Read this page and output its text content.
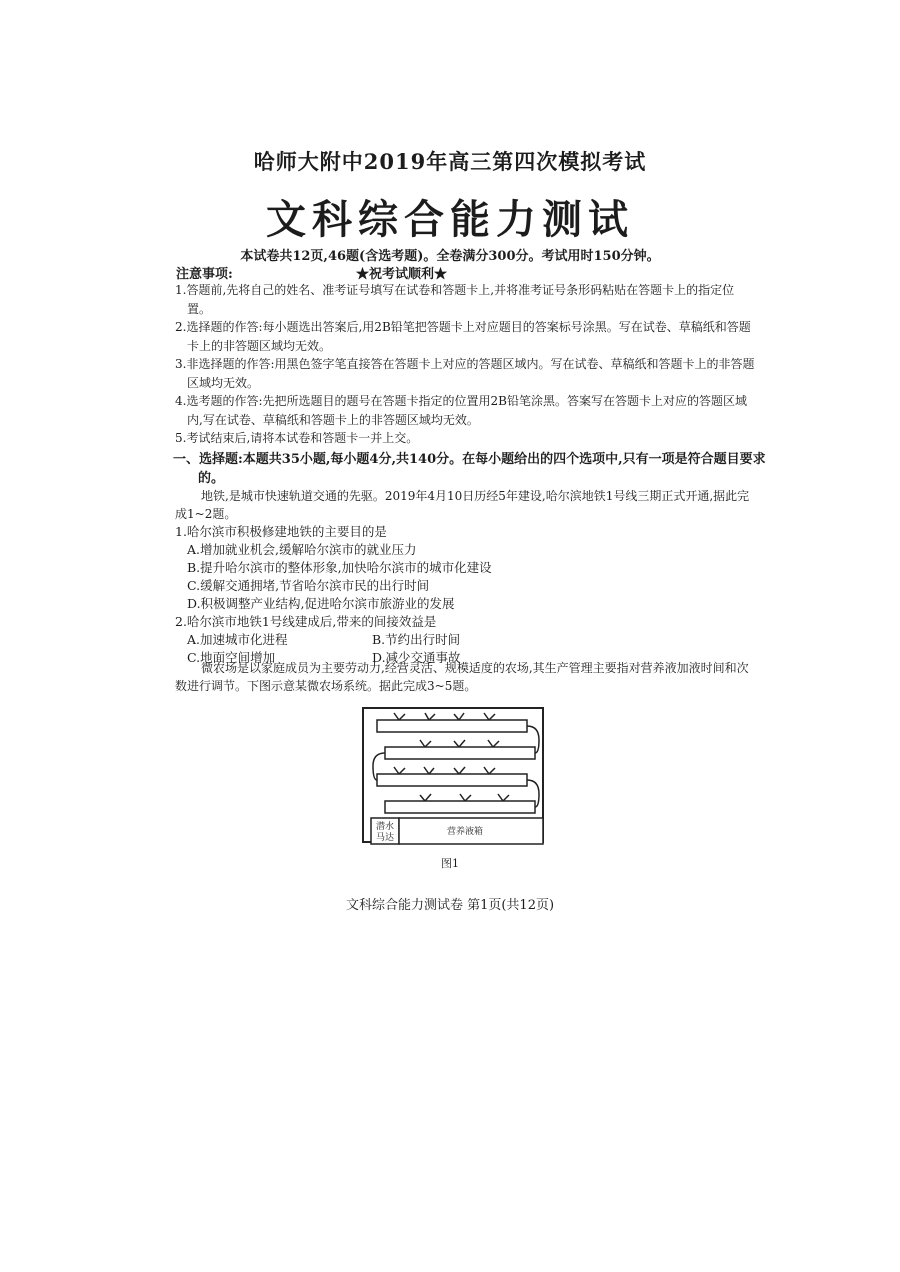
哈师大附中2019年高三第四次模拟考试
文科综合能力测试
本试卷共12页,46题(含选考题)。全卷满分300分。考试用时150分钟。
注意事项:	★祝考试顺利★
1.答题前,先将自己的姓名、准考证号填写在试卷和答题卡上,并将准考证号条形码粘贴在答题卡上的指定位置。
2.选择题的作答:每小题选出答案后,用2B铅笔把答题卡上对应题目的答案标号涂黑。写在试卷、草稿纸和答题卡上的非答题区域均无效。
3.非选择题的作答:用黑色签字笔直接答在答题卡上对应的答题区域内。写在试卷、草稿纸和答题卡上的非答题区域均无效。
4.选考题的作答:先把所选题目的题号在答题卡指定的位置用2B铅笔涂黑。答案写在答题卡上对应的答题区域内,写在试卷、草稿纸和答题卡上的非答题区域均无效。
5.考试结束后,请将本试卷和答题卡一并上交。
一、选择题:本题共35小题,每小题4分,共140分。在每小题给出的四个选项中,只有一项是符合题目要求的。
地铁,是城市快速轨道交通的先驱。2019年4月10日历经5年建设,哈尔滨地铁1号线三期正式开通,据此完成1~2题。
1.哈尔滨市积极修建地铁的主要目的是
A.增加就业机会,缓解哈尔滨市的就业压力
B.提升哈尔滨市的整体形象,加快哈尔滨市的城市化建设
C.缓解交通拥堵,节省哈尔滨市民的出行时间
D.积极调整产业结构,促进哈尔滨市旅游业的发展
2.哈尔滨市地铁1号线建成后,带来的间接效益是
A.加速城市化进程	B.节约出行时间
C.地面空间增加	D.减少交通事故
微农场是以家庭成员为主要劳动力,经营灵活、规模适度的农场,其生产管理主要指对营养液加液时间和次数进行调节。下图示意某微农场系统。据此完成3~5题。
潜水
马达
营养液箱
图1
文科综合能力测试卷 第1页(共12页)
